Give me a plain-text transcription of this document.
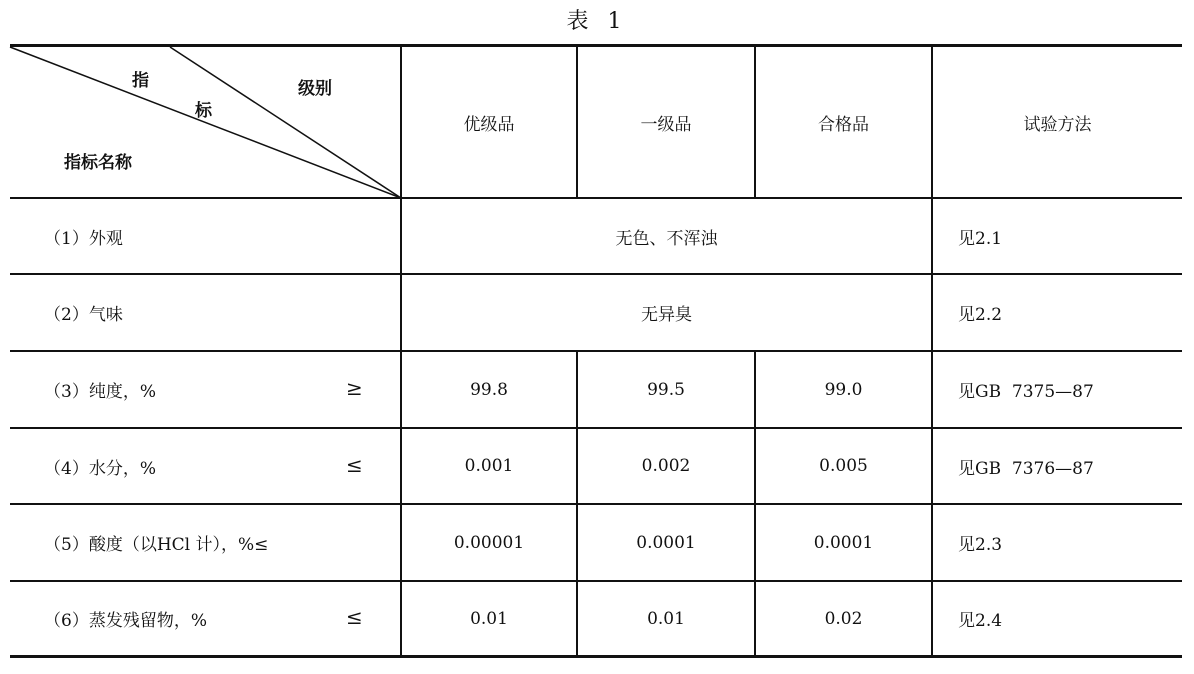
表 1
指
标
级别
指标名称
优级品	一级品	合格品	试验方法
（1）外观	无色、不浑浊	见2.1
（2）气味	无异臭	见2.2
（3）纯度，%	≥	99.8	99.5	99.0	见GB  7375—87
（4）水分，%	≤	0.001	0.002	0.005	见GB  7376—87
（5）酸度（以HCl 计），%≤	0.00001	0.0001	0.0001	见2.3
（6）蒸发残留物，%	≤	0.01	0.01	0.02	见2.4
